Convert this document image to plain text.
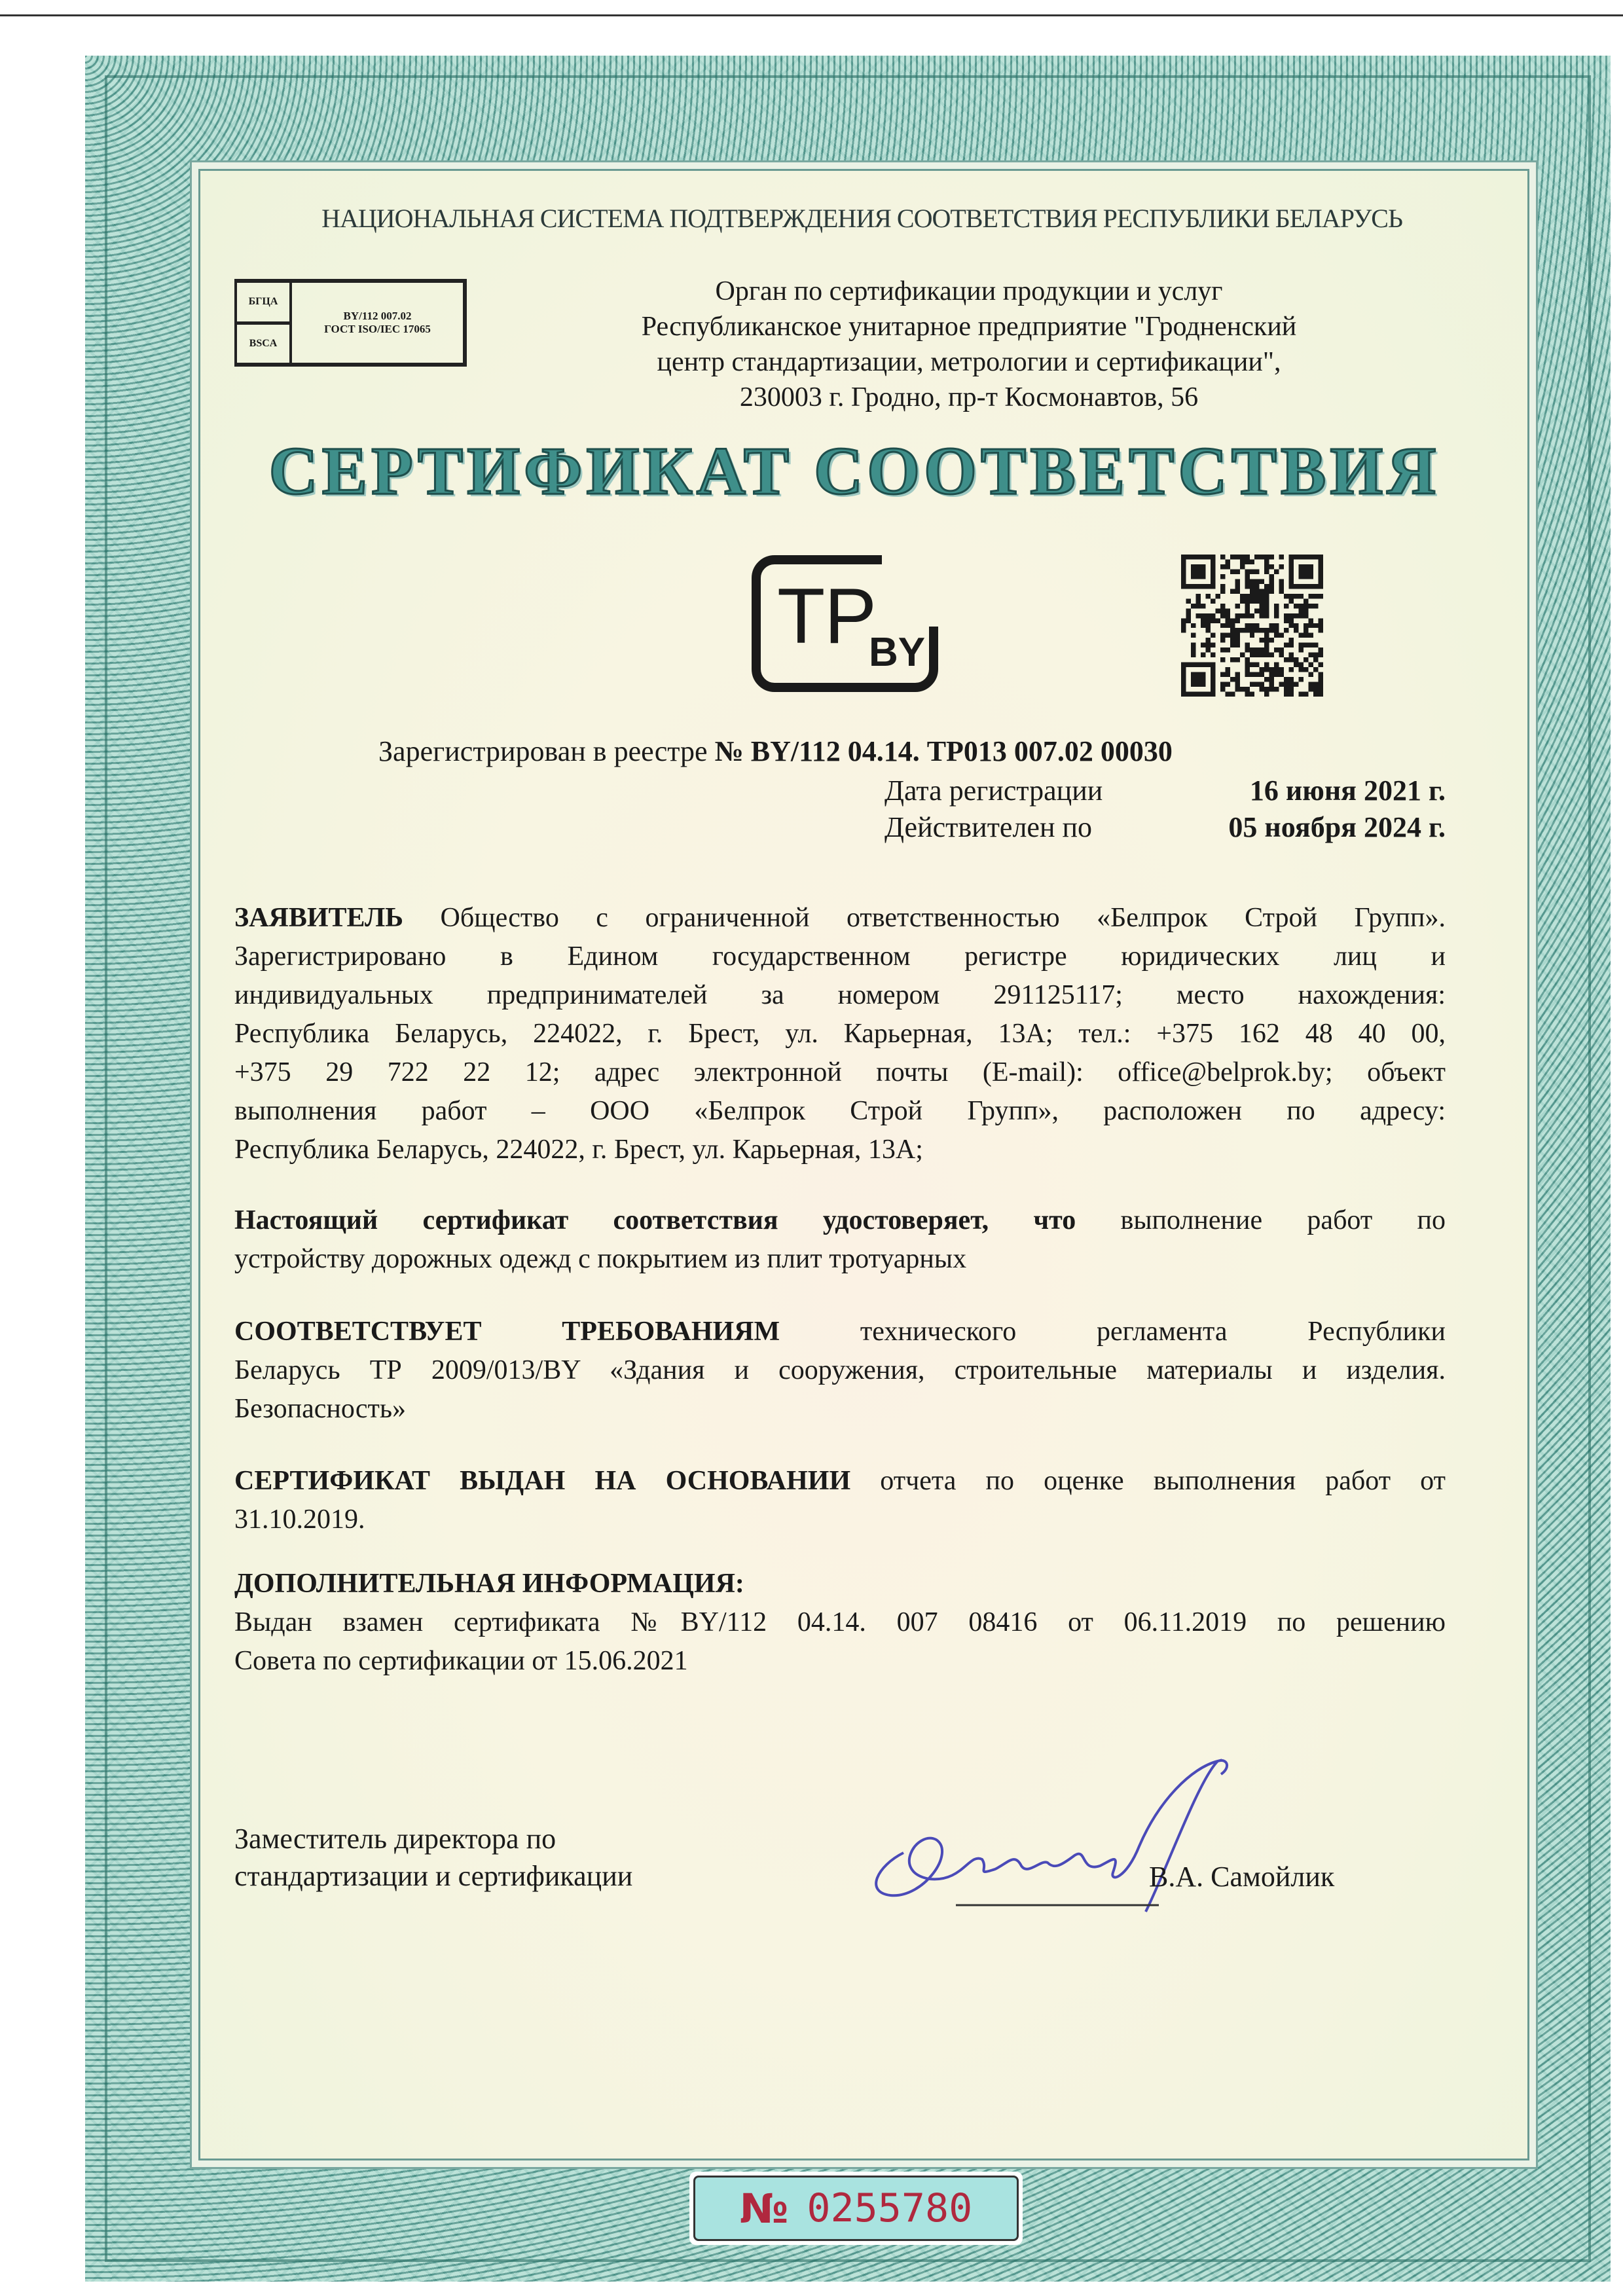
НАЦИОНАЛЬНАЯ СИСТЕМА ПОДТВЕРЖДЕНИЯ СООТВЕТСТВИЯ РЕСПУБЛИКИ БЕЛАРУСЬ
БГЦА
BSCA
BY/112 007.02
ГОСТ ISO/IEC 17065
Орган по сертификации продукции и услуг
Республиканское унитарное предприятие "Гродненский
центр стандартизации, метрологии и сертификации",
230003 г. Гродно, пр-т Космонавтов, 56
СЕРТИФИКАТ СООТВЕТСТВИЯ
T
P
BY
Зарегистрирован в реестре № BY/112 04.14. ТР013 007.02 00030
Дата регистрации	16 июня 2021 г.
Действителен по	05 ноября 2024 г.
ЗАЯВИТЕЛЬ Общество с ограниченной ответственностью «Белпрок Строй Групп».
Зарегистрировано в Едином государственном регистре юридических лиц и
индивидуальных предпринимателей за номером 291125117; место нахождения:
Республика Беларусь, 224022, г. Брест, ул. Карьерная, 13А; тел.: +375 162 48 40 00,
+375 29 722 22 12; адрес электронной почты (E-mail): office@belprok.by; объект
выполнения работ – ООО «Белпрок Строй Групп», расположен по адресу:
Республика Беларусь, 224022, г. Брест, ул. Карьерная, 13А;
Настоящий сертификат соответствия удостоверяет, что выполнение работ по
устройству дорожных одежд с покрытием из плит тротуарных
СООТВЕТСТВУЕТ ТРЕБОВАНИЯМ технического регламента Республики
Беларусь ТР 2009/013/BY «Здания и сооружения, строительные материалы и изделия.
Безопасность»
СЕРТИФИКАТ ВЫДАН НА ОСНОВАНИИ отчета по оценке выполнения работ от
31.10.2019.
ДОПОЛНИТЕЛЬНАЯ ИНФОРМАЦИЯ:
Выдан взамен сертификата №BY/112 04.14. 007 08416 от 06.11.2019 по решению
Совета по сертификации от 15.06.2021
Заместитель директора по
стандартизации и сертификации	В.А. Самойлик
№ 0255780
